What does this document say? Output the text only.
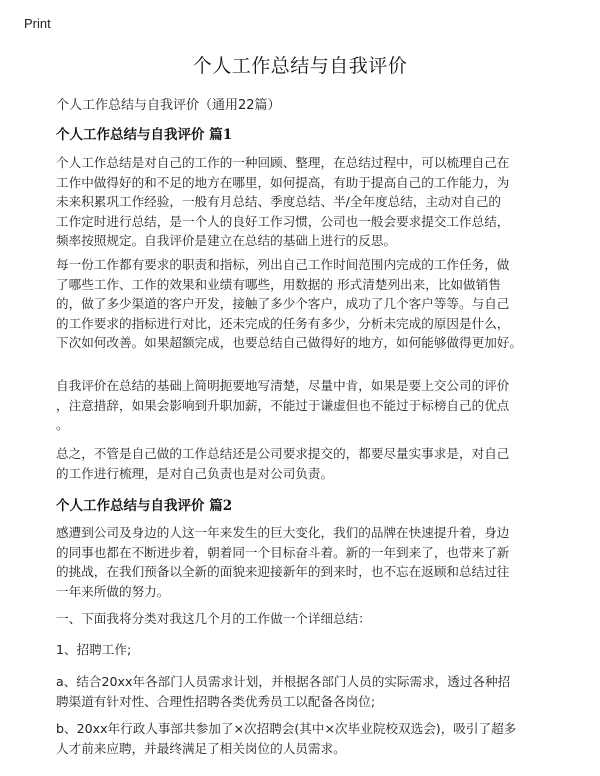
Print
个人工作总结与自我评价
个人工作总结与自我评价（通用22篇）
个人工作总结与自我评价 篇1
个人工作总结是对自己的工作的一种回顾、整理，在总结过程中，可以梳理自己在
工作中做得好的和不足的地方在哪里，如何提高，有助于提高自己的工作能力，为
未来积累巩工作经验，一般有月总结、季度总结、半/全年度总结，主动对自己的
工作定时进行总结，是一个人的良好工作习惯，公司也一般会要求提交工作总结，
频率按照规定。自我评价是建立在总结的基础上进行的反思。
每一份工作都有要求的职责和指标，列出自己工作时间范围内完成的工作任务，做
了哪些工作、工作的效果和业绩有哪些，用数据的 形式清楚列出来，比如做销售
的，做了多少渠道的客户开发，接触了多少个客户，成功了几个客户等等。与自己
的工作要求的指标进行对比，还未完成的任务有多少，分析未完成的原因是什么，
下次如何改善。如果超额完成，也要总结自己做得好的地方，如何能够做得更加好。
自我评价在总结的基础上简明扼要地写清楚，尽量中肯，如果是要上交公司的评价
，注意措辞，如果会影响到升职加薪，不能过于谦虚但也不能过于标榜自己的优点
。
总之，不管是自己做的工作总结还是公司要求提交的，都要尽量实事求是，对自己
的工作进行梳理，是对自己负责也是对公司负责。
个人工作总结与自我评价 篇2
感遭到公司及身边的人这一年来发生的巨大变化，我们的品牌在快速提升着，身边
的同事也都在不断进步着，朝着同一个目标奋斗着。新的一年到来了，也带来了新
的挑战，在我们预备以全新的面貌来迎接新年的到来时，也不忘在返顾和总结过往
一年来所做的努力。
一、下面我将分类对我这几个月的工作做一个详细总结：
1、招聘工作;
a、结合20xx年各部门人员需求计划，并根据各部门人员的实际需求，透过各种招
聘渠道有针对性、合理性招聘各类优秀员工以配备各岗位;
b、20xx年行政人事部共参加了×次招聘会(其中×次毕业院校双选会)，吸引了超多
人才前来应聘，并最终满足了相关岗位的人员需求。
